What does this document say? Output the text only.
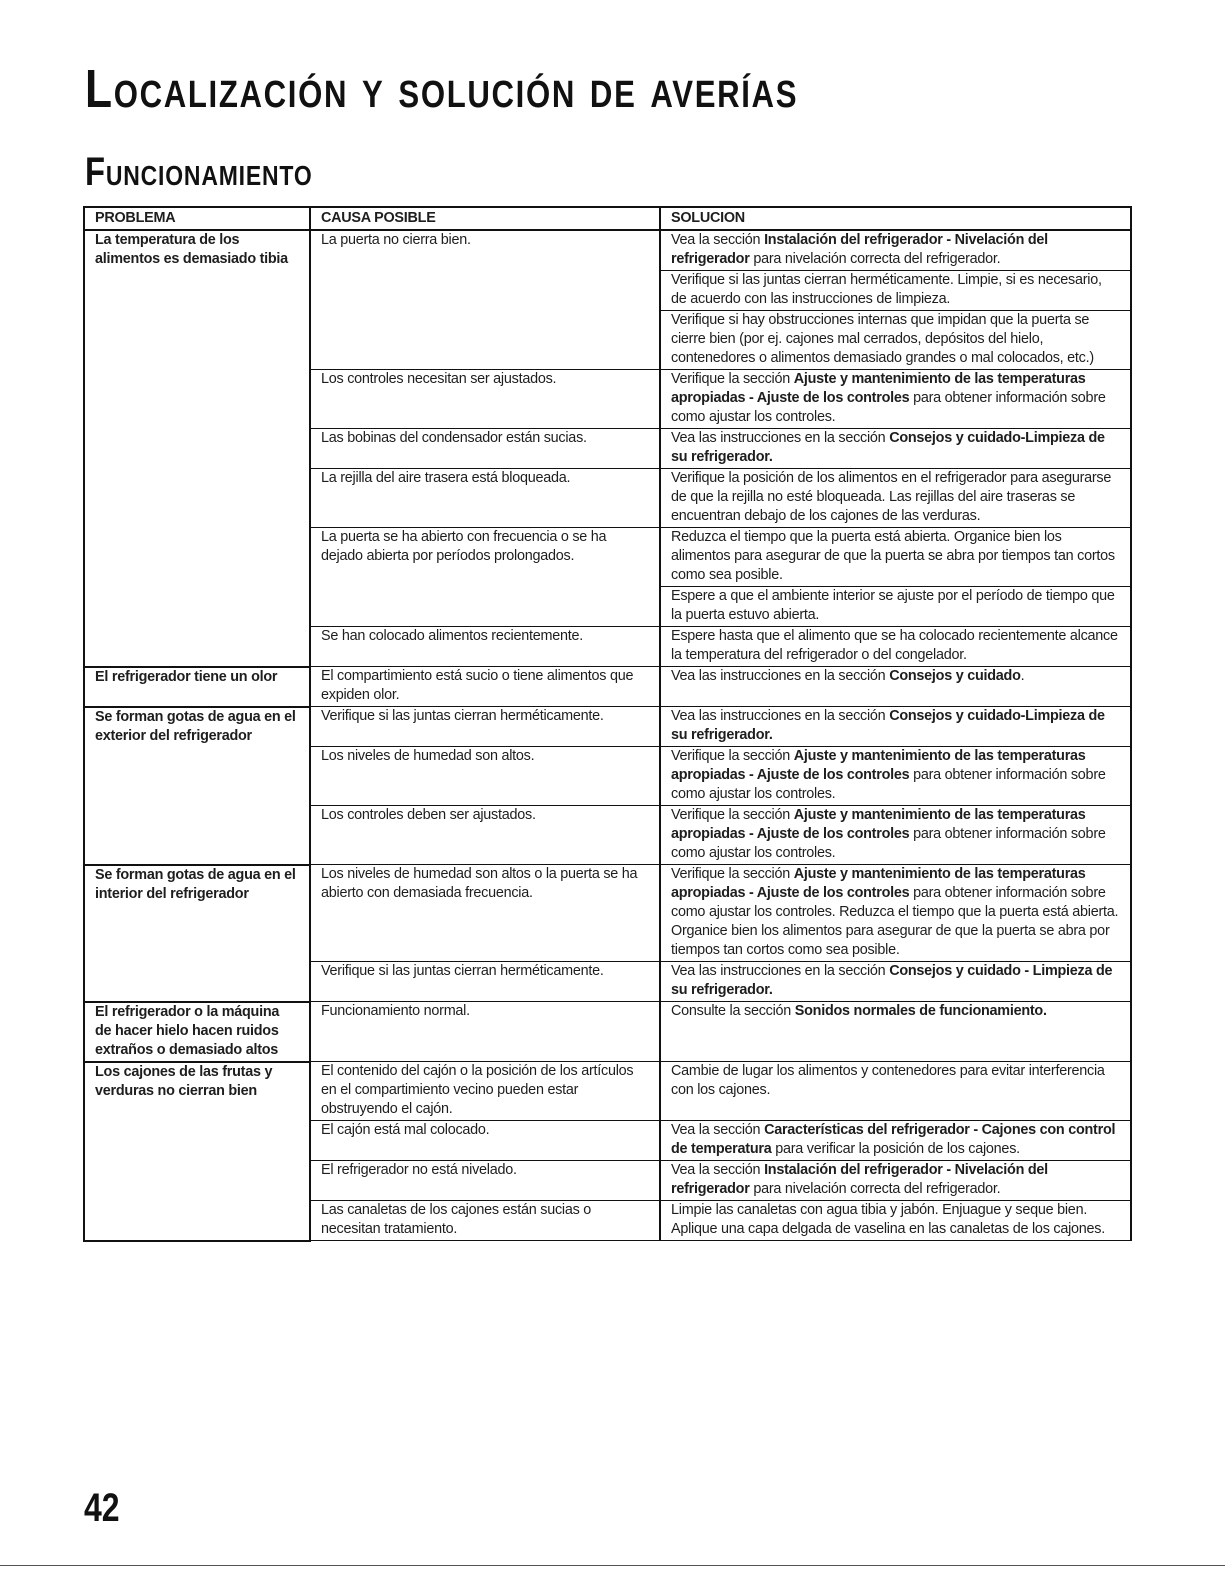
Localización y solución de averías
Funcionamiento
PROBLEMA	CAUSA POSIBLE	SOLUCION
La temperatura de los alimentos es demasiado tibia	La puerta no cierra bien.	Vea la sección Instalación del refrigerador - Nivelación del refrigerador para nivelación correcta del refrigerador.
		Verifique si las juntas cierran herméticamente. Limpie, si es necesario, de acuerdo con las instrucciones de limpieza.
		Verifique si hay obstrucciones internas que impidan que la puerta se cierre bien (por ej. cajones mal cerrados, depósitos del hielo, contenedores o alimentos demasiado grandes o mal colocados, etc.)
	Los controles necesitan ser ajustados.	Verifique la sección Ajuste y mantenimiento de las temperaturas apropiadas - Ajuste de los controles para obtener información sobre como ajustar los controles.
	Las bobinas del condensador están sucias.	Vea las instrucciones en la sección Consejos y cuidado-Limpieza de su refrigerador.
	La rejilla del aire trasera está bloqueada.	Verifique la posición de los alimentos en el refrigerador para asegurarse de que la rejilla no esté bloqueada. Las rejillas del aire traseras se encuentran debajo de los cajones de las verduras.
	La puerta se ha abierto con frecuencia o se ha dejado abierta por períodos prolongados.	Reduzca el tiempo que la puerta está abierta. Organice bien los alimentos para asegurar de que la puerta se abra por tiempos tan cortos como sea posible.
		Espere a que el ambiente interior se ajuste por el período de tiempo que la puerta estuvo abierta.
	Se han colocado alimentos recientemente.	Espere hasta que el alimento que se ha colocado recientemente alcance la temperatura del refrigerador o del congelador.
El refrigerador tiene un olor	El compartimiento está sucio o tiene alimentos que expiden olor.	Vea las instrucciones en la sección Consejos y cuidado.
Se forman gotas de agua en el exterior del refrigerador	Verifique si las juntas cierran herméticamente.	Vea las instrucciones en la sección Consejos y cuidado-Limpieza de su refrigerador.
	Los niveles de humedad son altos.	Verifique la sección Ajuste y mantenimiento de las temperaturas apropiadas - Ajuste de los controles para obtener información sobre como ajustar los controles.
	Los controles deben ser ajustados.	Verifique la sección Ajuste y mantenimiento de las temperaturas apropiadas - Ajuste de los controles para obtener información sobre como ajustar los controles.
Se forman gotas de agua en el interior del refrigerador	Los niveles de humedad son altos o la puerta se ha abierto con demasiada frecuencia.	Verifique la sección Ajuste y mantenimiento de las temperaturas apropiadas - Ajuste de los controles para obtener información sobre como ajustar los controles. Reduzca el tiempo que la puerta está abierta. Organice bien los alimentos para asegurar de que la puerta se abra por tiempos tan cortos como sea posible.
	Verifique si las juntas cierran herméticamente.	Vea las instrucciones en la sección Consejos y cuidado - Limpieza de su refrigerador.
El refrigerador o la máquina de hacer hielo hacen ruidos extraños o demasiado altos	Funcionamiento normal.	Consulte la sección Sonidos normales de funcionamiento.
Los cajones de las frutas y verduras no cierran bien	El contenido del cajón o la posición de los artículos en el compartimiento vecino pueden estar obstruyendo el cajón.	Cambie de lugar los alimentos y contenedores para evitar interferencia con los cajones.
	El cajón está mal colocado.	Vea la sección Características del refrigerador - Cajones con control de temperatura para verificar la posición de los cajones.
	El refrigerador no está nivelado.	Vea la sección Instalación del refrigerador - Nivelación del refrigerador para nivelación correcta del refrigerador.
	Las canaletas de los cajones están sucias o necesitan tratamiento.	Limpie las canaletas con agua tibia y jabón. Enjuague y seque bien. Aplique una capa delgada de vaselina en las canaletas de los cajones.
42
